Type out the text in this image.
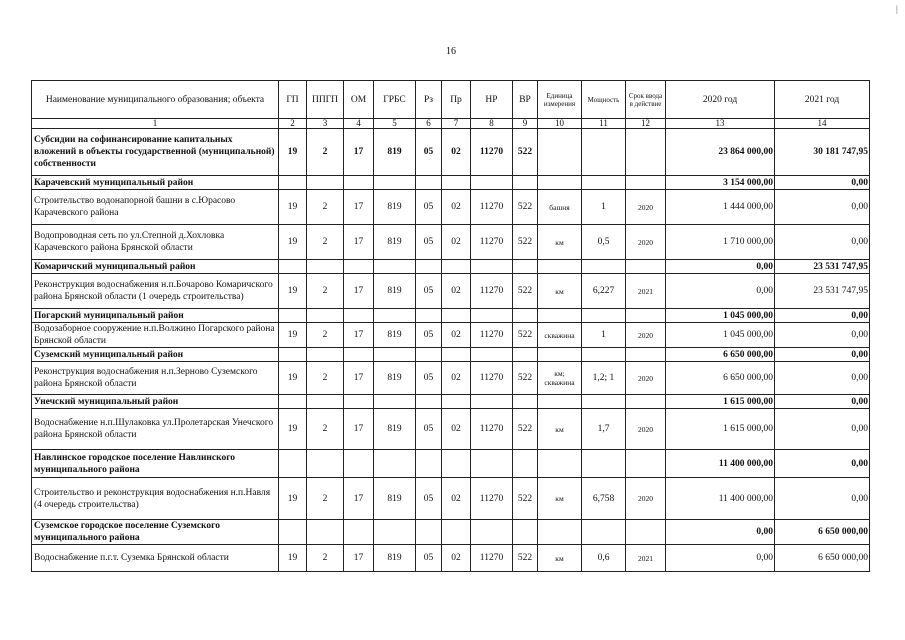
16
|
Наименование муниципального образования; объекта	ГП	ППГП	ОМ	ГРБС	Рз	Пр	НР	ВР	Единица измерения	Мощность	Срок ввода в действие	2020 год	2021 год
1	2	3	4	5	6	7	8	9	10	11	12	13	14
Субсидии на софинансирование капитальных вложений в объекты государственной (муниципальной) собственности	19	2	17	819	05	02	11270	522				23 864 000,00	30 181 747,95
Карачевский муниципальный район												3 154 000,00	0,00
Строительство водонапорной башни в с.Юрасово Карачевского района	19	2	17	819	05	02	11270	522	башня	1	2020	1 444 000,00	0,00
Водопроводная сеть по ул.Степной д.Хохловка Карачевского района Брянской области	19	2	17	819	05	02	11270	522	км	0,5	2020	1 710 000,00	0,00
Комаричский муниципальный район												0,00	23 531 747,95
Реконструкция водоснабжения н.п.Бочарово Комаричского района Брянской области (1 очередь строительства)	19	2	17	819	05	02	11270	522	км	6,227	2021	0,00	23 531 747,95
Погарский муниципальный район												1 045 000,00	0,00
Водозаборное сооружение н.п.Волжино Погарского района Брянской области	19	2	17	819	05	02	11270	522	скважина	1	2020	1 045 000,00	0,00
Суземский муниципальный район												6 650 000,00	0,00
Реконструкция водоснабжения н.п.Зерново Суземского района Брянской области	19	2	17	819	05	02	11270	522	км; скважина	1,2; 1	2020	6 650 000,00	0,00
Унечский муниципальный район												1 615 000,00	0,00
Водоснабжение н.п.Шулаковка ул.Пролетарская Унечского района Брянской области	19	2	17	819	05	02	11270	522	км	1,7	2020	1 615 000,00	0,00
Навлинское городское поселение Навлинского муниципального района												11 400 000,00	0,00
Строительство и реконструкция водоснабжения н.п.Навля (4 очередь строительства)	19	2	17	819	05	02	11270	522	км	6,758	2020	11 400 000,00	0,00
Суземское городское поселение Суземского муниципального района												0,00	6 650 000,00
Водоснабжение п.г.т. Суземка Брянской области	19	2	17	819	05	02	11270	522	км	0,6	2021	0,00	6 650 000,00
